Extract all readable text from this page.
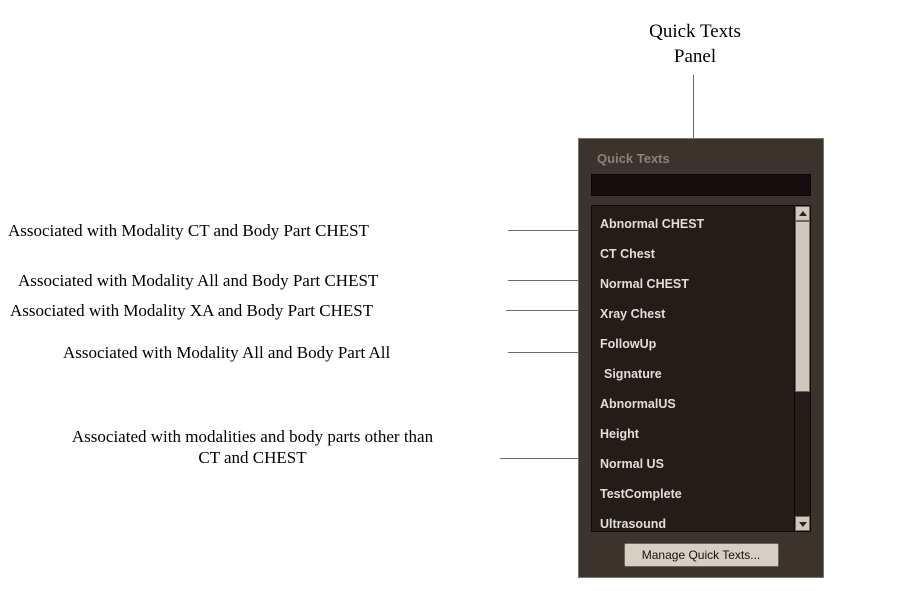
Quick Texts
Panel
Associated with Modality CT and Body Part CHEST
Associated with Modality All and Body Part CHEST
Associated with Modality XA and Body Part CHEST
Associated with Modality All and Body Part All
Associated with modalities and body parts other than
CT and CHEST
Quick Texts
Abnormal CHEST
CT Chest
Normal CHEST
Xray Chest
FollowUp
Signature
AbnormalUS
Height
Normal US
TestComplete
Ultrasound
Manage Quick Texts...
